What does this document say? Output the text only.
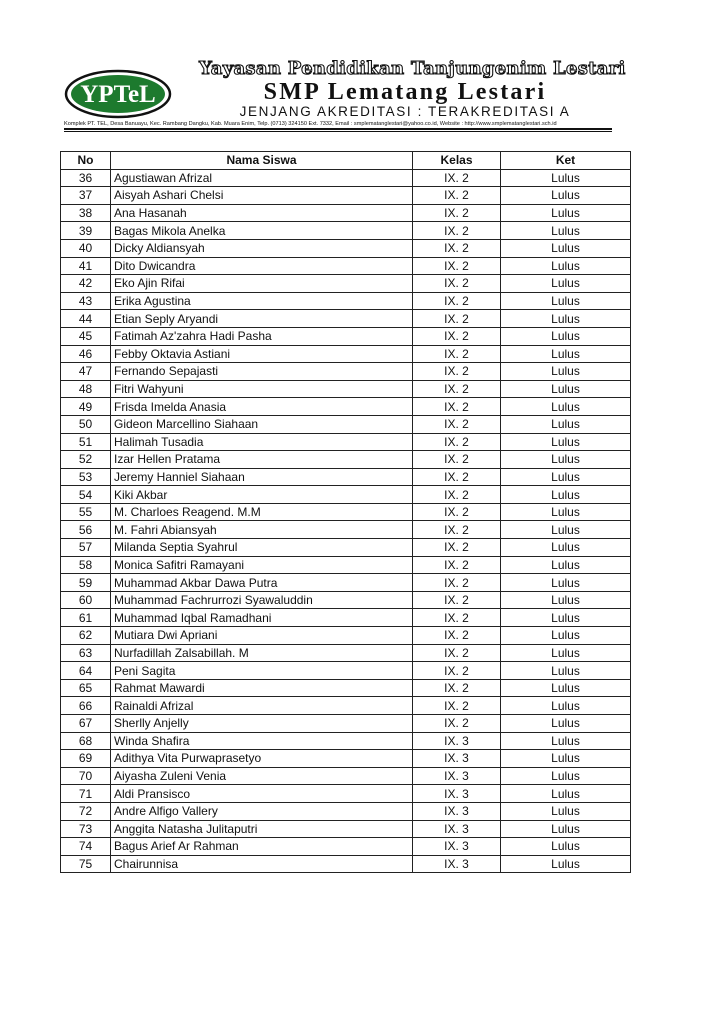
YPTeL
Yayasan Pendidikan Tanjungenim Lestari
SMP Lematang Lestari
JENJANG AKREDITASI : TERAKREDITASI A
Komplek PT. TEL, Desa Banuayu, Kec. Rambang Dangku, Kab. Muara Enim, Telp. (0713) 324150 Ext. 7332, Email : smplematanglestari@yahoo.co.id, Website : http://www.smplematanglestari.sch.id
No	Nama Siswa	Kelas	Ket
36	Agustiawan Afrizal	IX. 2	Lulus
37	Aisyah Ashari Chelsi	IX. 2	Lulus
38	Ana Hasanah	IX. 2	Lulus
39	Bagas Mikola Anelka	IX. 2	Lulus
40	Dicky Aldiansyah	IX. 2	Lulus
41	Dito Dwicandra	IX. 2	Lulus
42	Eko Ajin Rifai	IX. 2	Lulus
43	Erika Agustina	IX. 2	Lulus
44	Etian Seply Aryandi	IX. 2	Lulus
45	Fatimah Az'zahra Hadi Pasha	IX. 2	Lulus
46	Febby Oktavia Astiani	IX. 2	Lulus
47	Fernando Sepajasti	IX. 2	Lulus
48	Fitri Wahyuni	IX. 2	Lulus
49	Frisda Imelda Anasia	IX. 2	Lulus
50	Gideon Marcellino Siahaan	IX. 2	Lulus
51	Halimah Tusadia	IX. 2	Lulus
52	Izar Hellen Pratama	IX. 2	Lulus
53	Jeremy Hanniel Siahaan	IX. 2	Lulus
54	Kiki Akbar	IX. 2	Lulus
55	M. Charloes Reagend. M.M	IX. 2	Lulus
56	M. Fahri Abiansyah	IX. 2	Lulus
57	Milanda Septia Syahrul	IX. 2	Lulus
58	Monica Safitri Ramayani	IX. 2	Lulus
59	Muhammad Akbar Dawa Putra	IX. 2	Lulus
60	Muhammad Fachrurrozi Syawaluddin	IX. 2	Lulus
61	Muhammad Iqbal Ramadhani	IX. 2	Lulus
62	Mutiara Dwi Apriani	IX. 2	Lulus
63	Nurfadillah Zalsabillah. M	IX. 2	Lulus
64	Peni Sagita	IX. 2	Lulus
65	Rahmat Mawardi	IX. 2	Lulus
66	Rainaldi Afrizal	IX. 2	Lulus
67	Sherlly Anjelly	IX. 2	Lulus
68	Winda Shafira	IX. 3	Lulus
69	Adithya Vita Purwaprasetyo	IX. 3	Lulus
70	Aiyasha Zuleni Venia	IX. 3	Lulus
71	Aldi Pransisco	IX. 3	Lulus
72	Andre Alfigo Vallery	IX. 3	Lulus
73	Anggita Natasha Julitaputri	IX. 3	Lulus
74	Bagus Arief Ar Rahman	IX. 3	Lulus
75	Chairunnisa	IX. 3	Lulus
